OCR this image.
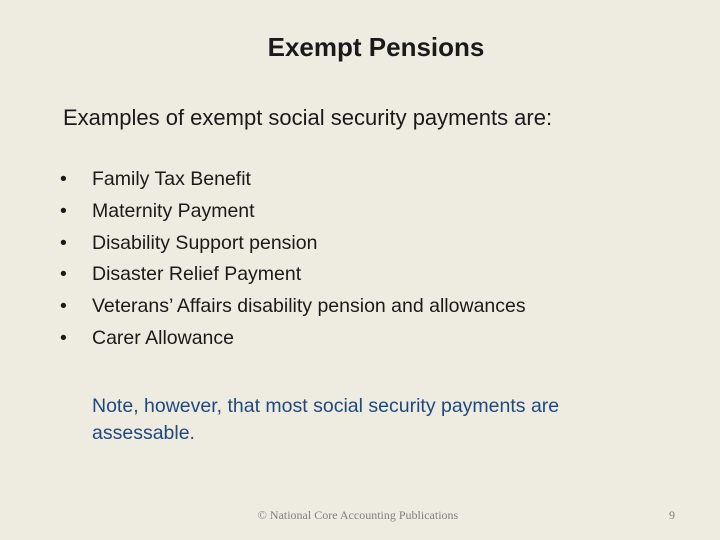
Exempt Pensions
Examples of exempt social security payments are:
•	Family Tax Benefit
•	Maternity Payment
•	Disability Support pension
•	Disaster Relief Payment
•	Veterans’ Affairs disability pension and allowances
•	Carer Allowance
Note, however, that most social security payments are assessable.
© National Core Accounting Publications	9
